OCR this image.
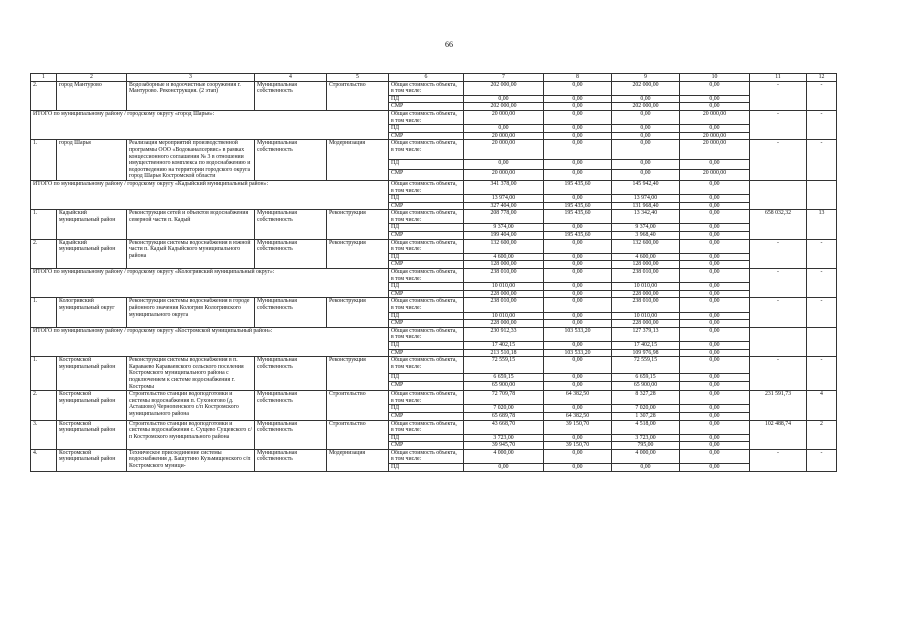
66
1	2	3	4	5	6	7	8	9	10	11	12
2.	город Мантурово	Водозаборные и водоочистные сооружения г. Мантурово. Реконструкция. (2 этап)	Муниципальная собственность	Строительство	Общая стоимость объекта, в том числе:	202 000,00	0,00	202 000,00	0,00	-	-
					ПД	0,00	0,00	0,00	0,00		
					СМР	202 000,00	0,00	202 000,00	0,00		
ИТОГО по муниципальному району / городскому округу «город Шарья»:					Общая стоимость объекта, в том числе:	20 000,00	0,00	0,00	20 000,00	-	-
					ПД	0,00	0,00	0,00	0,00		
					СМР	20 000,00	0,00	0,00	20 000,00		
1.	город Шарья	Реализация мероприятий производственной программы ООО «Водоканалсервис» в рамках концессионного соглашения № 3 в отношении имущественного комплекса по водоснабжению и водоотведению на территории городского округа город Шарья Костромской области	Муниципальная собственность	Модернизация	Общая стоимость объекта, в том числе:	20 000,00	0,00	0,00	20 000,00	-	-
					ПД	0,00	0,00	0,00	0,00		
					СМР	20 000,00	0,00	0,00	20 000,00		
ИТОГО по муниципальному району / городскому округу «Кадыйский муниципальный район»:					Общая стоимость объекта, в том числе:	341 378,00	195 435,60	145 942,40	0,00		
					ПД	13 974,00	0,00	13 974,00	0,00		
					СМР	327 404,00	195 435,60	131 968,40	0,00		
1.	Кадыйский муниципальный район	Реконструкция сетей и объектов водоснабжения северной части п. Кадый	Муниципальная собственность	Реконструкция	Общая стоимость объекта, в том числе:	208 778,00	195 435,60	13 342,40	0,00	658 032,32	13
					ПД	9 374,00	0,00	9 374,00	0,00		
					СМР	199 404,00	195 435,60	3 968,40	0,00		
2.	Кадыйский муниципальный район	Реконструкция системы водоснабжения в южной части п. Кадый Кадыйского муниципального района	Муниципальная собственность	Реконструкция	Общая стоимость объекта, в том числе:	132 600,00	0,00	132 600,00	0,00	-	-
					ПД	4 600,00	0,00	4 600,00	0,00		
					СМР	128 000,00	0,00	128 000,00	0,00		
ИТОГО по муниципальному району / городскому округу «Кологривский муниципальный округ»:					Общая стоимость объекта, в том числе:	238 010,00	0,00	238 010,00	0,00	-	-
					ПД	10 010,00	0,00	10 010,00	0,00		
					СМР	228 000,00	0,00	228 000,00	0,00		
1.	Кологривский муниципальный округ	Реконструкция системы водоснабжения в городе районного значения Кологрив Кологривского муниципального округа	Муниципальная собственность	Реконструкция	Общая стоимость объекта, в том числе:	238 010,00	0,00	238 010,00	0,00	-	-
					ПД	10 010,00	0,00	10 010,00	0,00		
					СМР	228 000,00	0,00	228 000,00	0,00		
ИТОГО по муниципальному району / городскому округу «Костромской муниципальный район»:					Общая стоимость объекта, в том числе:	230 912,33	103 533,20	127 379,13	0,00		
					ПД	17 402,15	0,00	17 402,15	0,00		
					СМР	213 510,18	103 533,20	109 976,98	0,00		
1.	Костромской муниципальный район	Реконструкция системы водоснабжения в п. Караваево Караваевского сельского поселения Костромского муниципального района с подключением к системе водоснабжения г. Костромы	Муниципальная собственность	Реконструкция	Общая стоимость объекта, в том числе:	72 559,15	0,00	72 559,15	0,00	-	-
					ПД	6 659,15	0,00	6 659,15	0,00		
					СМР	65 900,00	0,00	65 900,00	0,00		
2.	Костромской муниципальный район	Строительство станции водоподготовки и системы водоснабжения п. Сухоногово (д. Асташово) Чернопенского с/п Костромского муниципального района	Муниципальная собственность	Строительство	Общая стоимость объекта, в том числе:	72 709,78	64 382,50	8 327,28	0,00	231 591,73	4
					ПД	7 020,00	0,00	7 020,00	0,00		
					СМР	65 689,78	64 382,50	1 307,28	0,00		
3.	Костромской муниципальный район	Строительство станции водоподготовки и системы водоснабжения с. Сущево Сущевского с/п Костромского муниципального района	Муниципальная собственность	Строительство	Общая стоимость объекта, в том числе:	43 668,70	39 150,70	4 518,00	0,00	102 488,74	2
					ПД	3 723,00	0,00	3 723,00	0,00		
					СМР	39 945,70	39 150,70	795,00	0,00		
4.	Костромской муниципальный район	Техническое присоединение системы водоснабжения д. Башутино Кузьмищенского с/п Костромского муници-	Муниципальная собственность	Модернизация	Общая стоимость объекта, в том числе:	4 000,00	0,00	4 000,00	0,00	-	-
					ПД	0,00	0,00	0,00	0,00		
